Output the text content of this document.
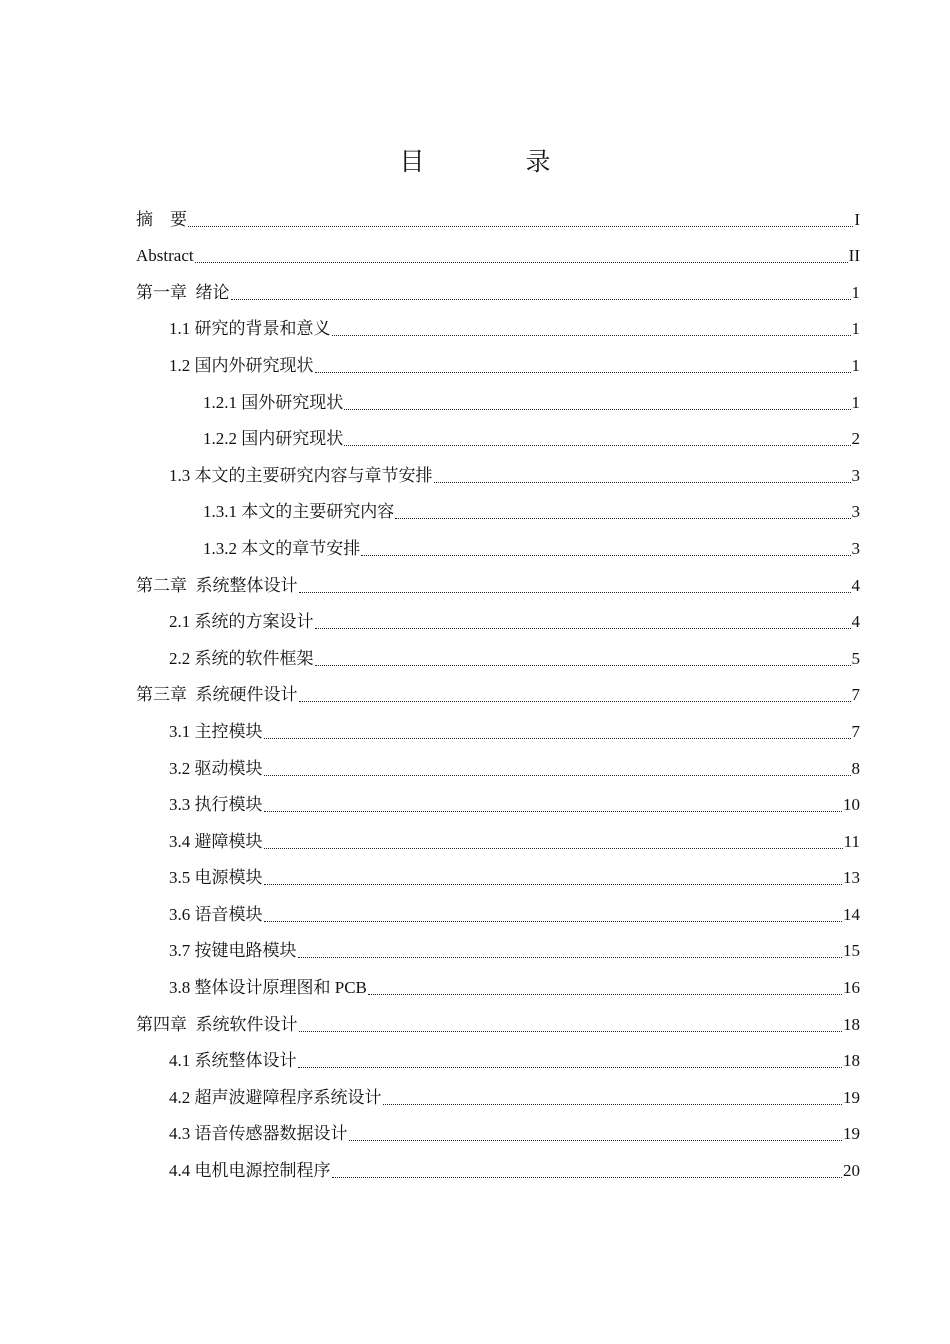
目　录
摘　要	I
Abstract	II
第一章  绪论	1
1.1 研究的背景和意义	1
1.2 国内外研究现状	1
1.2.1 国外研究现状	1
1.2.2 国内研究现状	2
1.3 本文的主要研究内容与章节安排	3
1.3.1 本文的主要研究内容	3
1.3.2 本文的章节安排	3
第二章  系统整体设计	4
2.1 系统的方案设计	4
2.2 系统的软件框架	5
第三章  系统硬件设计	7
3.1 主控模块	7
3.2 驱动模块	8
3.3 执行模块	10
3.4 避障模块	11
3.5 电源模块	13
3.6 语音模块	14
3.7 按键电路模块	15
3.8 整体设计原理图和 PCB	16
第四章  系统软件设计	18
4.1 系统整体设计	18
4.2 超声波避障程序系统设计	19
4.3 语音传感器数据设计	19
4.4 电机电源控制程序	20
